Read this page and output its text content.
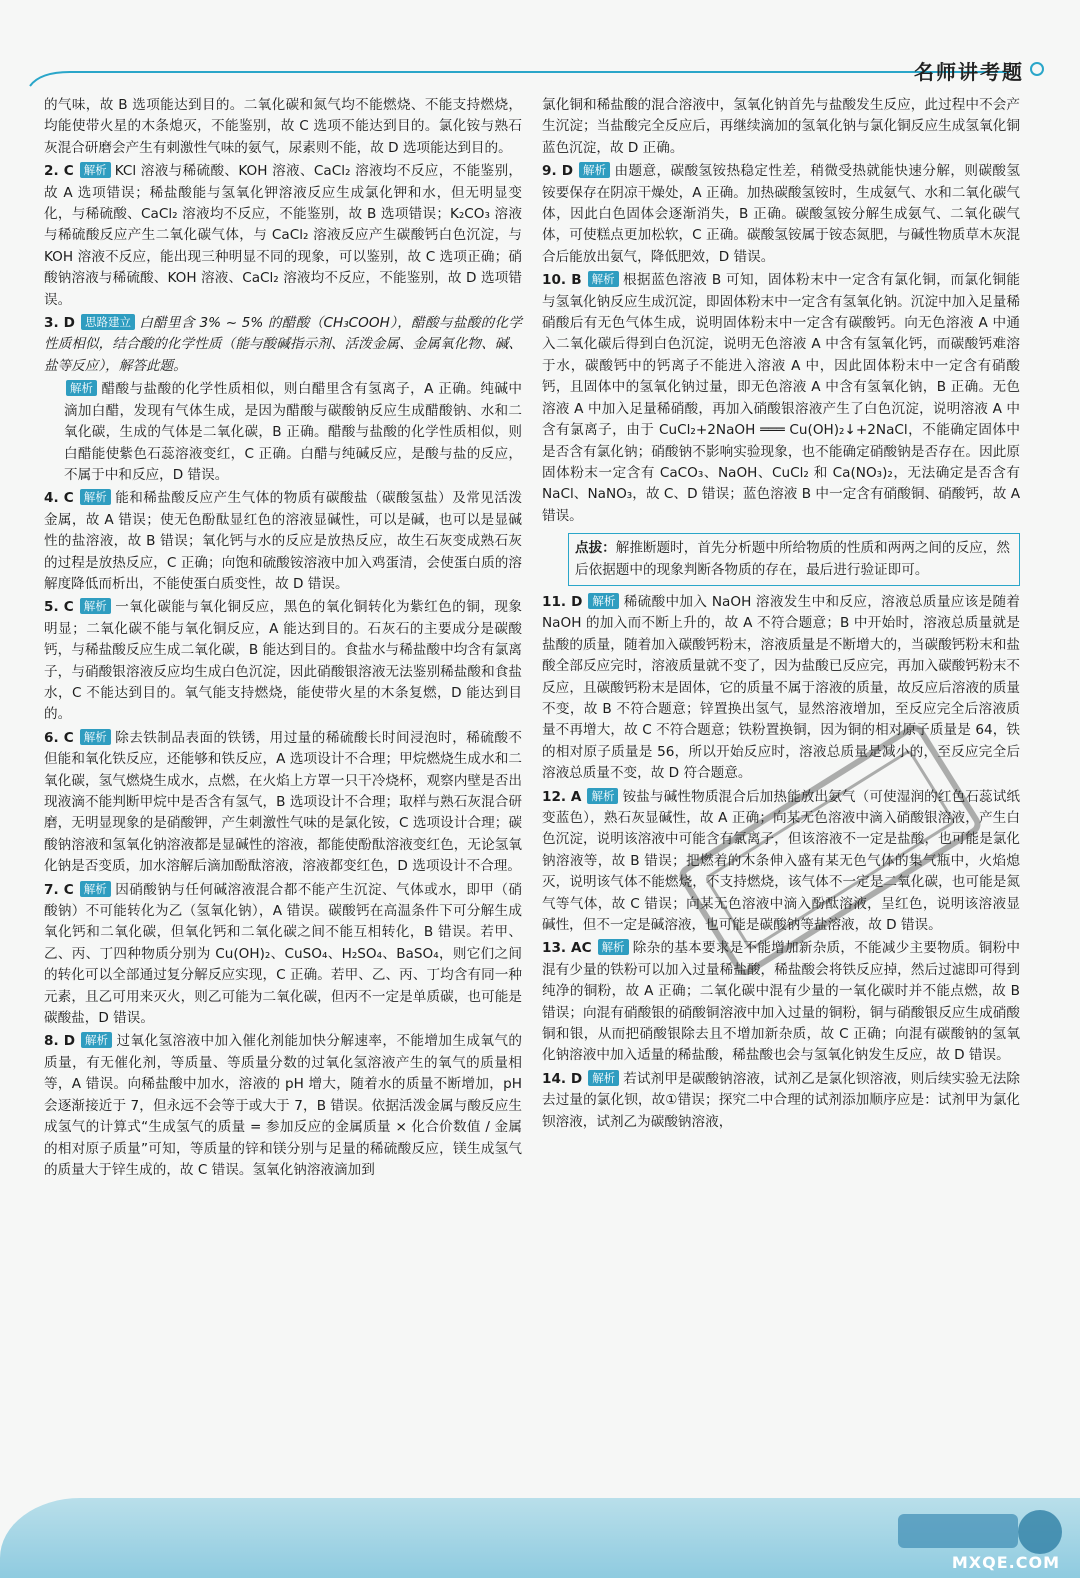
名师讲考题

的气味，故 B 选项能达到目的。二氧化碳和氮气均不能燃烧、不能支持燃烧，均能使带火星的木条熄灭，不能鉴别，故 C 选项不能达到目的。氯化铵与熟石灰混合研磨会产生有刺激性气味的氨气，尿素则不能，故 D 选项能达到目的。

2. C 解析 KCl 溶液与稀硫酸、KOH 溶液、CaCl₂ 溶液均不反应，不能鉴别，故 A 选项错误；稀盐酸能与氢氧化钾溶液反应生成氯化钾和水，但无明显变化，与稀硫酸、CaCl₂ 溶液均不反应，不能鉴别，故 B 选项错误；K₂CO₃ 溶液与稀硫酸反应产生二氧化碳气体，与 CaCl₂ 溶液反应产生碳酸钙白色沉淀，与 KOH 溶液不反应，能出现三种明显不同的现象，可以鉴别，故 C 选项正确；硝酸钠溶液与稀硫酸、KOH 溶液、CaCl₂ 溶液均不反应，不能鉴别，故 D 选项错误。

3. D 思路建立 白醋里含 3% ~ 5% 的醋酸（CH₃COOH），醋酸与盐酸的化学性质相似，结合酸的化学性质（能与酸碱指示剂、活泼金属、金属氧化物、碱、盐等反应），解答此题。

解析 醋酸与盐酸的化学性质相似，则白醋里含有氢离子，A 正确。纯碱中滴加白醋，发现有气体生成，是因为醋酸与碳酸钠反应生成醋酸钠、水和二氧化碳，生成的气体是二氧化碳，B 正确。醋酸与盐酸的化学性质相似，则白醋能使紫色石蕊溶液变红，C 正确。白醋与纯碱反应，是酸与盐的反应，不属于中和反应，D 错误。

4. C 解析 能和稀盐酸反应产生气体的物质有碳酸盐（碳酸氢盐）及常见活泼金属，故 A 错误；使无色酚酞显红色的溶液显碱性，可以是碱，也可以是显碱性的盐溶液，故 B 错误；氧化钙与水的反应是放热反应，故生石灰变成熟石灰的过程是放热反应，C 正确；向饱和硫酸铵溶液中加入鸡蛋清，会使蛋白质的溶解度降低而析出，不能使蛋白质变性，故 D 错误。

5. C 解析 一氧化碳能与氧化铜反应，黑色的氧化铜转化为紫红色的铜，现象明显；二氧化碳不能与氧化铜反应，A 能达到目的。石灰石的主要成分是碳酸钙，与稀盐酸反应生成二氧化碳，B 能达到目的。食盐水与稀盐酸中均含有氯离子，与硝酸银溶液反应均生成白色沉淀，因此硝酸银溶液无法鉴别稀盐酸和食盐水，C 不能达到目的。氧气能支持燃烧，能使带火星的木条复燃，D 能达到目的。

6. C 解析 除去铁制品表面的铁锈，用过量的稀硫酸长时间浸泡时，稀硫酸不但能和氧化铁反应，还能够和铁反应，A 选项设计不合理；甲烷燃烧生成水和二氧化碳，氢气燃烧生成水，点燃，在火焰上方罩一只干冷烧杯，观察内壁是否出现液滴不能判断甲烷中是否含有氢气，B 选项设计不合理；取样与熟石灰混合研磨，无明显现象的是硝酸钾，产生刺激性气味的是氯化铵，C 选项设计合理；碳酸钠溶液和氢氧化钠溶液都是显碱性的溶液，都能使酚酞溶液变红色，无论氢氧化钠是否变质，加水溶解后滴加酚酞溶液，溶液都变红色，D 选项设计不合理。

7. C 解析 因硝酸钠与任何碱溶液混合都不能产生沉淀、气体或水，即甲（硝酸钠）不可能转化为乙（氢氧化钠），A 错误。碳酸钙在高温条件下可分解生成氧化钙和二氧化碳，但氧化钙和二氧化碳之间不能互相转化，B 错误。若甲、乙、丙、丁四种物质分别为 Cu(OH)₂、CuSO₄、H₂SO₄、BaSO₄，则它们之间的转化可以全部通过复分解反应实现，C 正确。若甲、乙、丙、丁均含有同一种元素，且乙可用来灭火，则乙可能为二氧化碳，但丙不一定是单质碳，也可能是碳酸盐，D 错误。

8. D 解析 过氧化氢溶液中加入催化剂能加快分解速率，不能增加生成氧气的质量，有无催化剂，等质量、等质量分数的过氧化氢溶液产生的氧气的质量相等，A 错误。向稀盐酸中加水，溶液的 pH 增大，随着水的质量不断增加，pH 会逐渐接近于 7，但永远不会等于或大于 7，B 错误。依据活泼金属与酸反应生成氢气的计算式“生成氢气的质量 = 参加反应的金属质量 × 化合价数值 / 金属的相对原子质量”可知，等质量的锌和镁分别与足量的稀硫酸反应，镁生成氢气的质量大于锌生成的，故 C 错误。氢氧化钠溶液滴加到

氯化铜和稀盐酸的混合溶液中，氢氧化钠首先与盐酸发生反应，此过程中不会产生沉淀；当盐酸完全反应后，再继续滴加的氢氧化钠与氯化铜反应生成氢氧化铜蓝色沉淀，故 D 正确。

9. D 解析 由题意，碳酸氢铵热稳定性差，稍微受热就能快速分解，则碳酸氢铵要保存在阴凉干燥处，A 正确。加热碳酸氢铵时，生成氨气、水和二氧化碳气体，因此白色固体会逐渐消失，B 正确。碳酸氢铵分解生成氨气、二氧化碳气体，可使糕点更加松软，C 正确。碳酸氢铵属于铵态氮肥，与碱性物质草木灰混合后能放出氨气，降低肥效，D 错误。

10. B 解析 根据蓝色溶液 B 可知，固体粉末中一定含有氯化铜，而氯化铜能与氢氧化钠反应生成沉淀，即固体粉末中一定含有氢氧化钠。沉淀中加入足量稀硝酸后有无色气体生成，说明固体粉末中一定含有碳酸钙。向无色溶液 A 中通入二氧化碳后得到白色沉淀，说明无色溶液 A 中含有氢氧化钙，而碳酸钙难溶于水，碳酸钙中的钙离子不能进入溶液 A 中，因此固体粉末中一定含有硝酸钙，且固体中的氢氧化钠过量，即无色溶液 A 中含有氢氧化钠，B 正确。无色溶液 A 中加入足量稀硝酸，再加入硝酸银溶液产生了白色沉淀，说明溶液 A 中含有氯离子，由于 CuCl₂+2NaOH ═══ Cu(OH)₂↓+2NaCl，不能确定固体中是否含有氯化钠；硝酸钠不影响实验现象，也不能确定硝酸钠是否存在。因此原固体粉末一定含有 CaCO₃、NaOH、CuCl₂ 和 Ca(NO₃)₂，无法确定是否含有 NaCl、NaNO₃，故 C、D 错误；蓝色溶液 B 中一定含有硝酸铜、硝酸钙，故 A 错误。

点拔：解推断题时，首先分析题中所给物质的性质和两两之间的反应，然后依据题中的现象判断各物质的存在，最后进行验证即可。

11. D 解析 稀硫酸中加入 NaOH 溶液发生中和反应，溶液总质量应该是随着 NaOH 的加入而不断上升的，故 A 不符合题意；B 中开始时，溶液总质量就是盐酸的质量，随着加入碳酸钙粉末，溶液质量是不断增大的，当碳酸钙粉末和盐酸全部反应完时，溶液质量就不变了，因为盐酸已反应完，再加入碳酸钙粉末不反应，且碳酸钙粉末是固体，它的质量不属于溶液的质量，故反应后溶液的质量不变，故 B 不符合题意；锌置换出氢气，显然溶液增加，至反应完全后溶液质量不再增大，故 C 不符合题意；铁粉置换铜，因为铜的相对原子质量是 64，铁的相对原子质量是 56，所以开始反应时，溶液总质量是减小的，至反应完全后溶液总质量不变，故 D 符合题意。

12. A 解析 铵盐与碱性物质混合后加热能放出氨气（可使湿润的红色石蕊试纸变蓝色），熟石灰显碱性，故 A 正确；向某无色溶液中滴入硝酸银溶液，产生白色沉淀，说明该溶液中可能含有氯离子，但该溶液不一定是盐酸，也可能是氯化钠溶液等，故 B 错误；把燃着的木条伸入盛有某无色气体的集气瓶中，火焰熄灭，说明该气体不能燃烧，不支持燃烧，该气体不一定是二氧化碳，也可能是氮气等气体，故 C 错误；向某无色溶液中滴入酚酞溶液，呈红色，说明该溶液显碱性，但不一定是碱溶液，也可能是碳酸钠等盐溶液，故 D 错误。

13. AC 解析 除杂的基本要求是不能增加新杂质，不能减少主要物质。铜粉中混有少量的铁粉可以加入过量稀盐酸，稀盐酸会将铁反应掉，然后过滤即可得到纯净的铜粉，故 A 正确；二氧化碳中混有少量的一氧化碳时并不能点燃，故 B 错误；向混有硝酸银的硝酸铜溶液中加入过量的铜粉，铜与硝酸银反应生成硝酸铜和银，从而把硝酸银除去且不增加新杂质，故 C 正确；向混有碳酸钠的氢氧化钠溶液中加入适量的稀盐酸，稀盐酸也会与氢氧化钠发生反应，故 D 错误。

14. D 解析 若试剂甲是碳酸钠溶液，试剂乙是氯化钡溶液，则后续实验无法除去过量的氯化钡，故①错误；探究二中合理的试剂添加顺序应是：试剂甲为氯化钡溶液，试剂乙为碳酸钠溶液，

MXQE.COM
